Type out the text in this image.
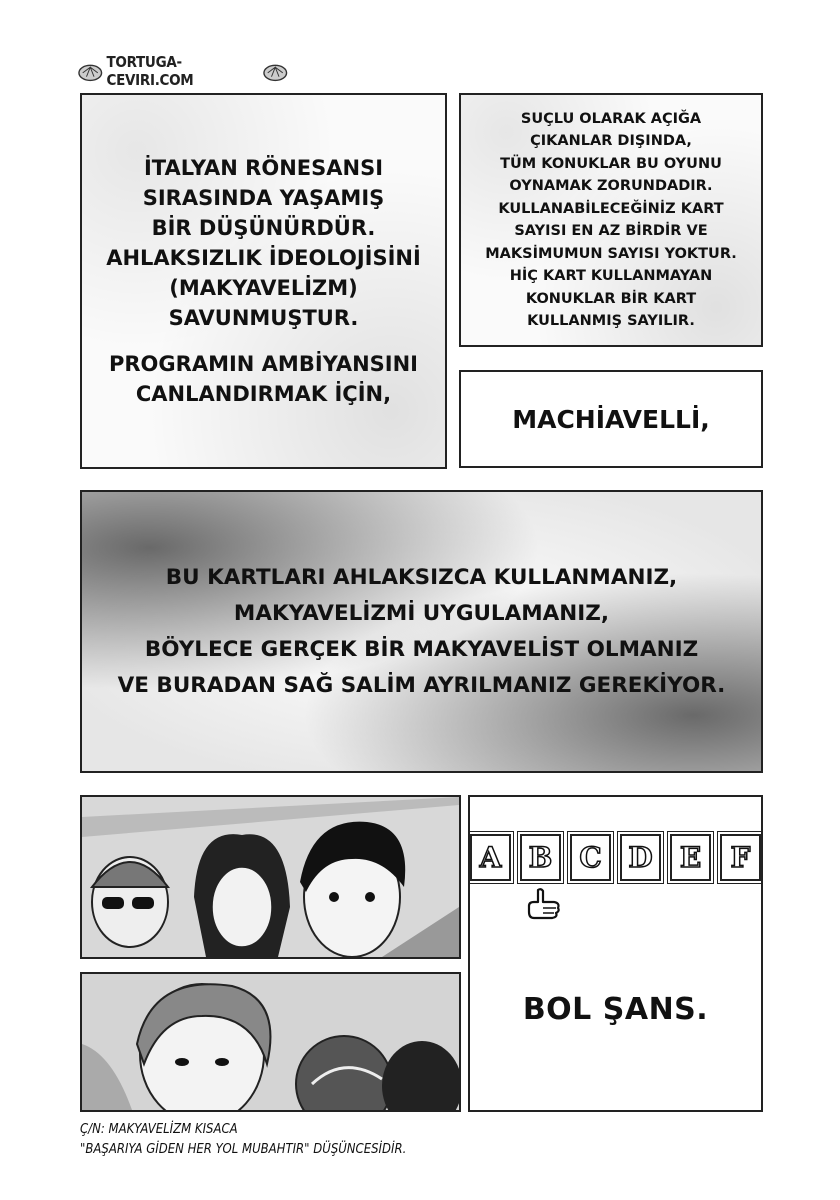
TORTUGA-CEVIRI.COM
İTALYAN RÖNESANSI
SIRASINDA YAŞAMIŞ
BİR DÜŞÜNÜRDÜR.
AHLAKSIZLIK İDEOLOJİSİNİ
(MAKYAVELİZM)
SAVUNMUŞTUR.
PROGRAMIN AMBİYANSINI
CANLANDIRMAK İÇİN,
SUÇLU OLARAK AÇIĞA
ÇIKANLAR DIŞINDA,
TÜM KONUKLAR BU OYUNU
OYNAMAK ZORUNDADIR.
KULLANABİLECEĞİNİZ KART
SAYISI EN AZ BİRDİR VE
MAKSİMUMUN SAYISI YOKTUR.
HİÇ KART KULLANMAYAN
KONUKLAR BİR KART
KULLANMIŞ SAYILIR.
MACHİAVELLİ,
BU KARTLARI AHLAKSIZCA KULLANMANIZ,
MAKYAVELİZMİ UYGULAMANIZ,
BÖYLECE GERÇEK BİR MAKYAVELİST OLMANIZ
VE BURADAN SAĞ SALİM AYRILMANIZ GEREKİYOR.
A B C D E	F
BOL ŞANS.
Ç/N: MAKYAVELİZM KISACA
"BAŞARIYA GİDEN HER YOL MUBAHTIR" DÜŞÜNCESİDİR.
